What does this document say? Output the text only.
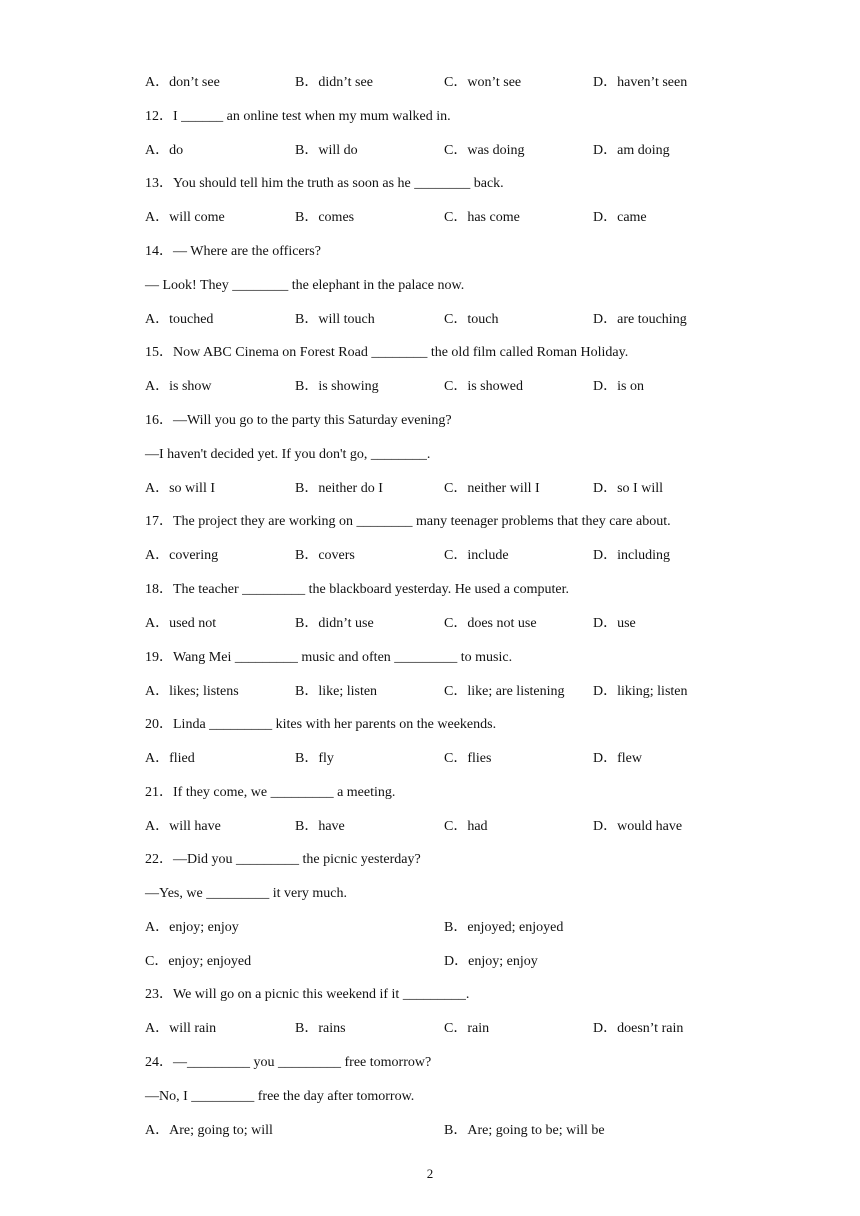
A．don’t see	B．didn’t see	C．won’t see	D．haven’t seen
12．I ______ an online test when my mum walked in.
A．do	B．will do	C．was doing	D．am doing
13．You should tell him the truth as soon as he ________ back.
A．will come	B．comes	C．has come	D．came
14．— Where are the officers?
— Look! They ________ the elephant in the palace now.
A．touched	B．will touch	C．touch	D．are touching
15．Now ABC Cinema on Forest Road ________ the old film called Roman Holiday.
A．is show	B．is showing	C．is showed	D．is on
16．—Will you go to the party this Saturday evening?
—I haven't decided yet. If you don't go, ________.
A．so will I	B．neither do I	C．neither will I	D．so I will
17．The project they are working on ________ many teenager problems that they care about.
A．covering	B．covers	C．include	D．including
18．The teacher _________ the blackboard yesterday. He used a computer.
A．used not	B．didn’t use	C．does not use	D．use
19．Wang Mei _________ music and often _________ to music.
A．likes; listens	B．like; listen	C．like; are listening D．liking; listen
20．Linda _________ kites with her parents on the weekends.
A．flied	B．fly	C．flies	D．flew
21．If they come, we _________ a meeting.
A．will have	B．have	C．had	D．would have
22．—Did you _________ the picnic yesterday?
—Yes, we _________ it very much.
A．enjoy; enjoy	B．enjoyed; enjoyed
C．enjoy; enjoyed	D．enjoy; enjoy
23．We will go on a picnic this weekend if it _________.
A．will rain	B．rains	C．rain	D．doesn’t rain
24．—_________ you _________ free tomorrow?
—No, I _________ free the day after tomorrow.
A．Are; going to; will	B．Are; going to be; will be
2
